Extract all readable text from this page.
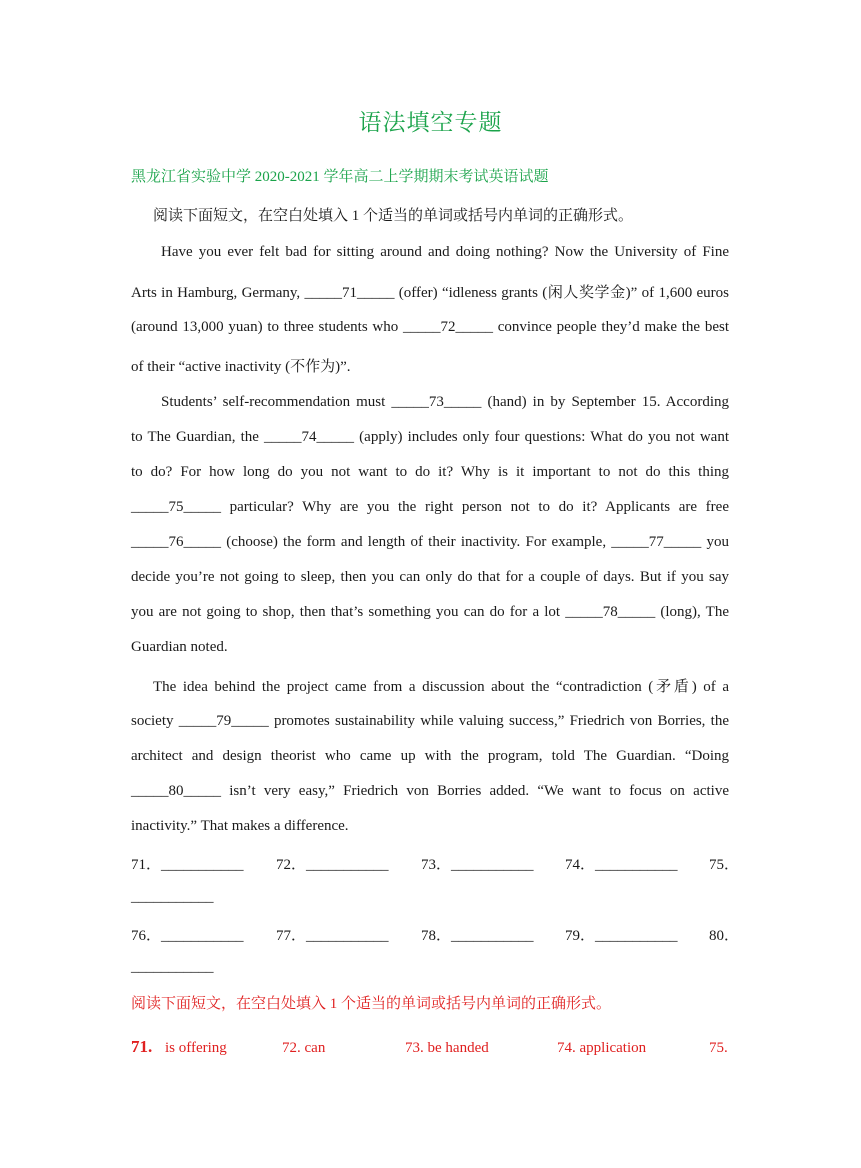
语法填空专题
黑龙江省实验中学 2020-2021 学年高二上学期期末考试英语试题
阅读下面短文，在空白处填入 1 个适当的单词或括号内单词的正确形式。
Have you ever felt bad for sitting around and doing nothing? Now the University of Fine
Arts in Hamburg, Germany, _____71_____ (offer) “idleness grants (闲人奖学金)” of 1,600 euros
(around 13,000 yuan) to three students who _____72_____ convince people they’d make the best
of their “active inactivity (不作为)”.
Students’ self-recommendation must _____73_____ (hand) in by September 15. According
to The Guardian, the _____74_____ (apply) includes only four questions: What do you not want
to do? For how long do you not want to do it? Why is it important to not do this thing
_____75_____ particular? Why are you the right person not to do it? Applicants are free
_____76_____ (choose) the form and length of their inactivity. For example, _____77_____ you
decide you’re not going to sleep, then you can only do that for a couple of days. But if you say
you are not going to shop, then that’s something you can do for a lot _____78_____ (long), The
Guardian noted.
The idea behind the project came from a discussion about the “contradiction (矛盾) of a
society _____79_____ promotes sustainability while valuing success,” Friedrich von Borries, the
architect and design theorist who came up with the program, told The Guardian. “Doing
_____80_____ isn’t very easy,” Friedrich von Borries added. “We want to focus on active
inactivity.” That makes a difference.
71．___________ 72．___________ 73．___________ 74．___________ 75．
___________
76．___________ 77．___________ 78．___________ 79．___________ 80．
___________
阅读下面短文，在空白处填入 1 个适当的单词或括号内单词的正确形式。
71. is offering	72. can	73. be handed	74. application	75.
